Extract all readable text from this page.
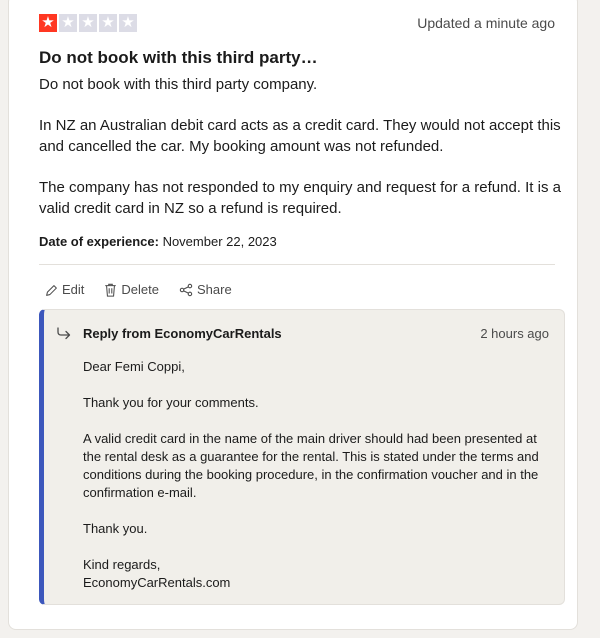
★ ★ ★ ★ ★	Updated a minute ago
Do not book with this third party…

Do not book with this third party company.

In NZ an Australian debit card acts as a credit card. They would not accept this and cancelled the car. My booking amount was not refunded.

The company has not responded to my enquiry and request for a refund. It is a valid credit card in NZ so a refund is required.

Date of experience: November 22, 2023
Edit	Delete	Share
Reply from EconomyCarRentals	2 hours ago

Dear Femi Coppi,

Thank you for your comments.

A valid credit card in the name of the main driver should had been presented at the rental desk as a guarantee for the rental. This is stated under the terms and conditions during the booking procedure, in the confirmation voucher and in the confirmation e-mail.

Thank you.

Kind regards,
EconomyCarRentals.com
